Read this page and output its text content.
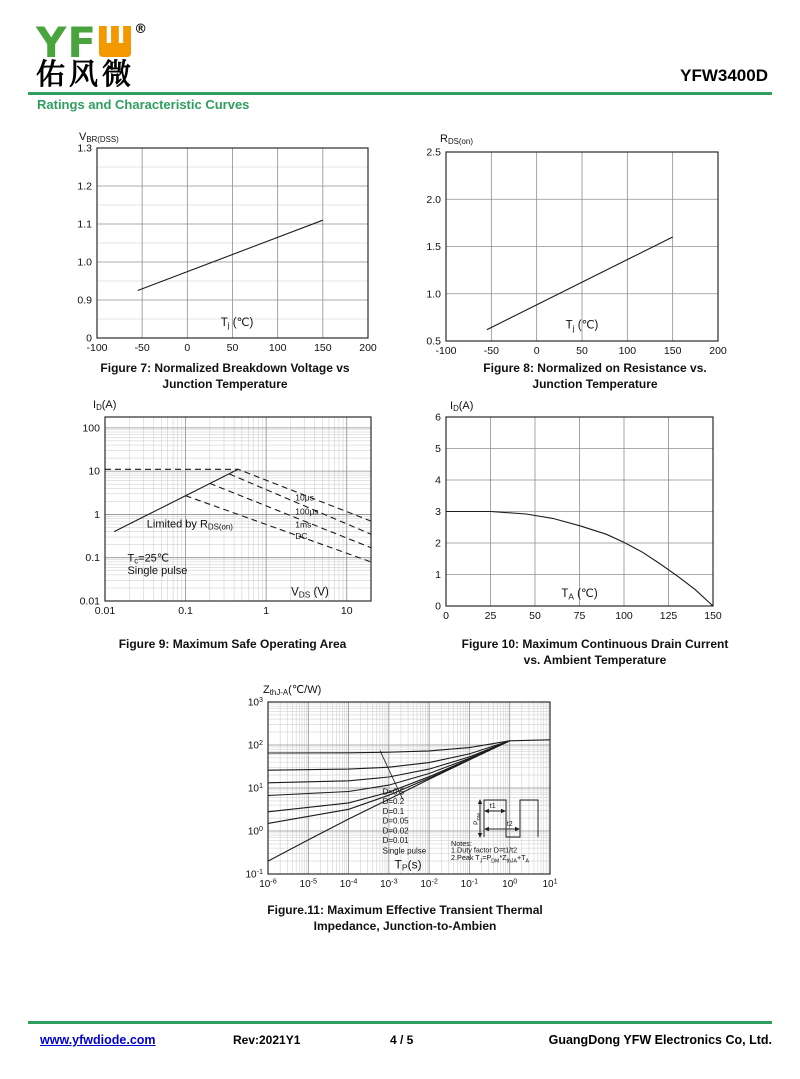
YF	®
佑风微	YFW3400D
Ratings and Characteristic Curves
-100	-50	0	50	100	150	200
1.3
1.2
1.1
1.0
0.9
0
Tj (℃)
$V_{BR(DSS)}$
Figure 7: Normalized Breakdown Voltage vs
Junction Temperature
-100	-50	0	50	100	150	200
2.5
2.0
1.5
1.0
0.5
Tj (℃)
$R_{DS(on)}$
Figure 8: Normalized on Resistance vs.
Junction Temperature
0.01	0.1	1	10
100
10
1
0.1
0.01
Limited by $R_{DS(on)}$
$T_c=25℃$
Single pulse
10μs
100μs
1ms
DC
VDS (V)
$I_D(A)$
Figure 9: Maximum Safe Operating Area
0	25	50	75	100	125	150
6
5
4
3
2
1
0
TA (℃)
$I_D(A)$
Figure 10: Maximum Continuous Drain Current
vs. Ambient Temperature
$10^{-6}$ $10^{-5}$ $10^{-4}$ $10^{-3}$ $10^{-2}$ $10^{-1}$ $10^0$	$10^1$
$10^3$
$10^2$
$10^1$
$10^0$
$10^{-1}$
D=0.5
D=0.2
D=0.1
D=0.05
D=0.02
D=0.01
Single pulse
TP(s)
Notes:
1.Duty factor D=t1/t2
2.Peak $T_J=P_{DM}*Z_{thJA}+T_A$
t1
t2
$P_{DM}$
$Z_{thJ-A}(℃/W)$
Figure.11: Maximum Effective Transient Thermal
Impedance, Junction-to-Ambien
www.yfwdiode.com	Rev:2021Y1	4 / 5	GuangDong YFW Electronics Co, Ltd.
